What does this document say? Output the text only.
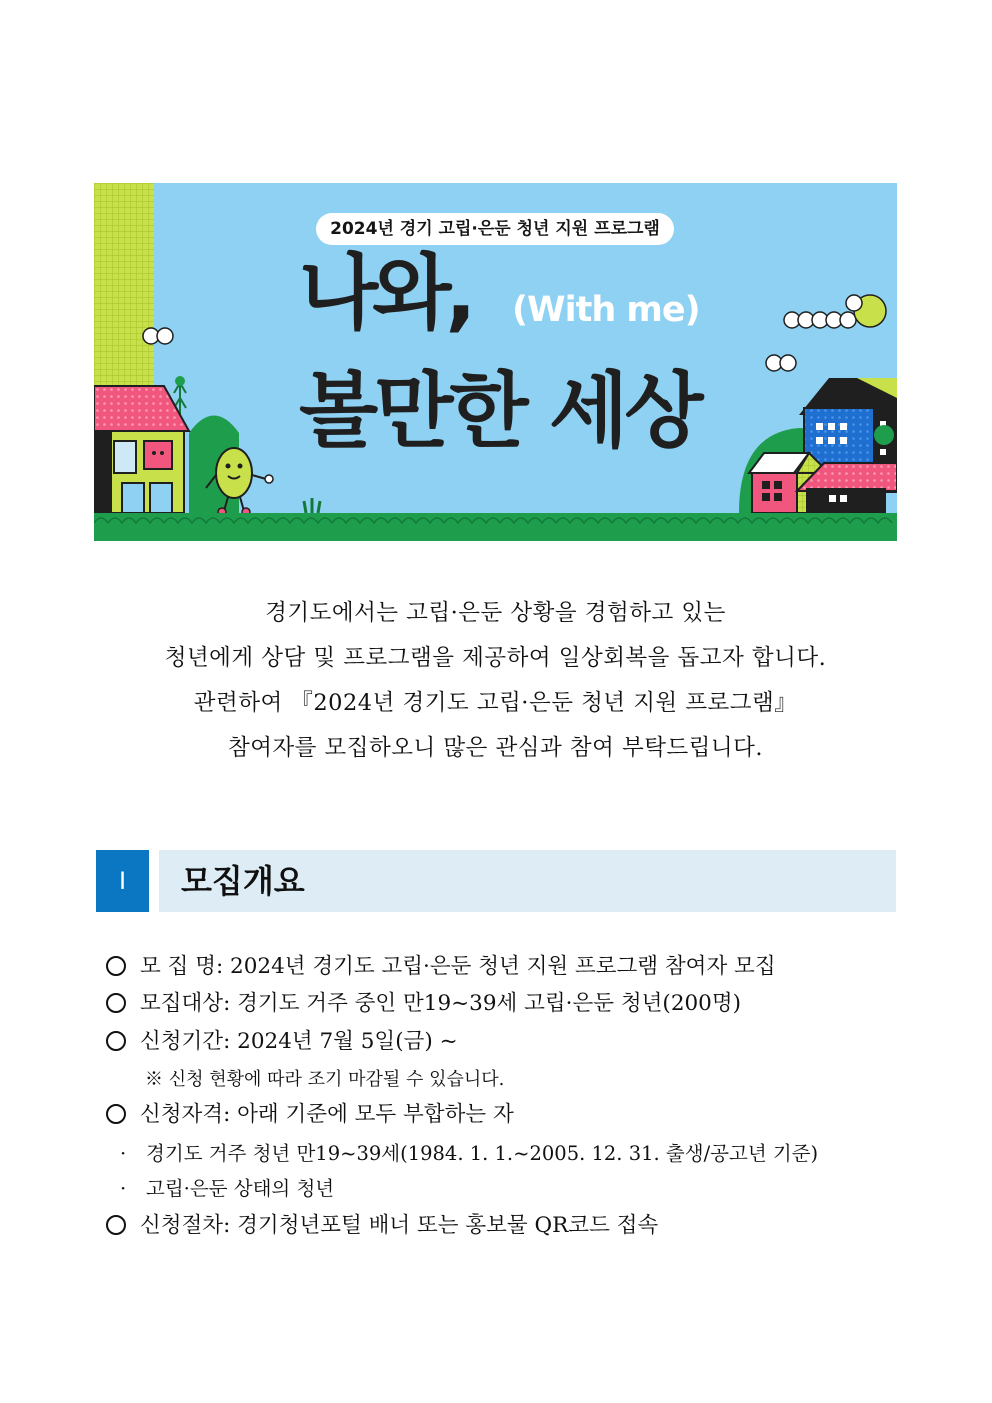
2024년 경기 고립·은둔 청년 지원 프로그램
나와, (With me)
볼만한 세상
경기도에서는 고립·은둔 상황을 경험하고 있는
청년에게 상담 및 프로그램을 제공하여 일상회복을 돕고자 합니다.
관련하여 『2024년 경기도 고립·은둔 청년 지원 프로그램』
참여자를 모집하오니 많은 관심과 참여 부탁드립니다.
Ⅰ	모집개요
모 집 명: 2024년 경기도 고립·은둔 청년 지원 프로그램 참여자 모집
모집대상: 경기도 거주 중인 만19~39세 고립·은둔 청년(200명)
신청기간: 2024년 7월 5일(금) ~
※ 신청 현황에 따라 조기 마감될 수 있습니다.
신청자격: 아래 기준에 모두 부합하는 자
· 경기도 거주 청년 만19~39세(1984. 1. 1.~2005. 12. 31. 출생/공고년 기준)
· 고립·은둔 상태의 청년
신청절차: 경기청년포털 배너 또는 홍보물 QR코드 접속
